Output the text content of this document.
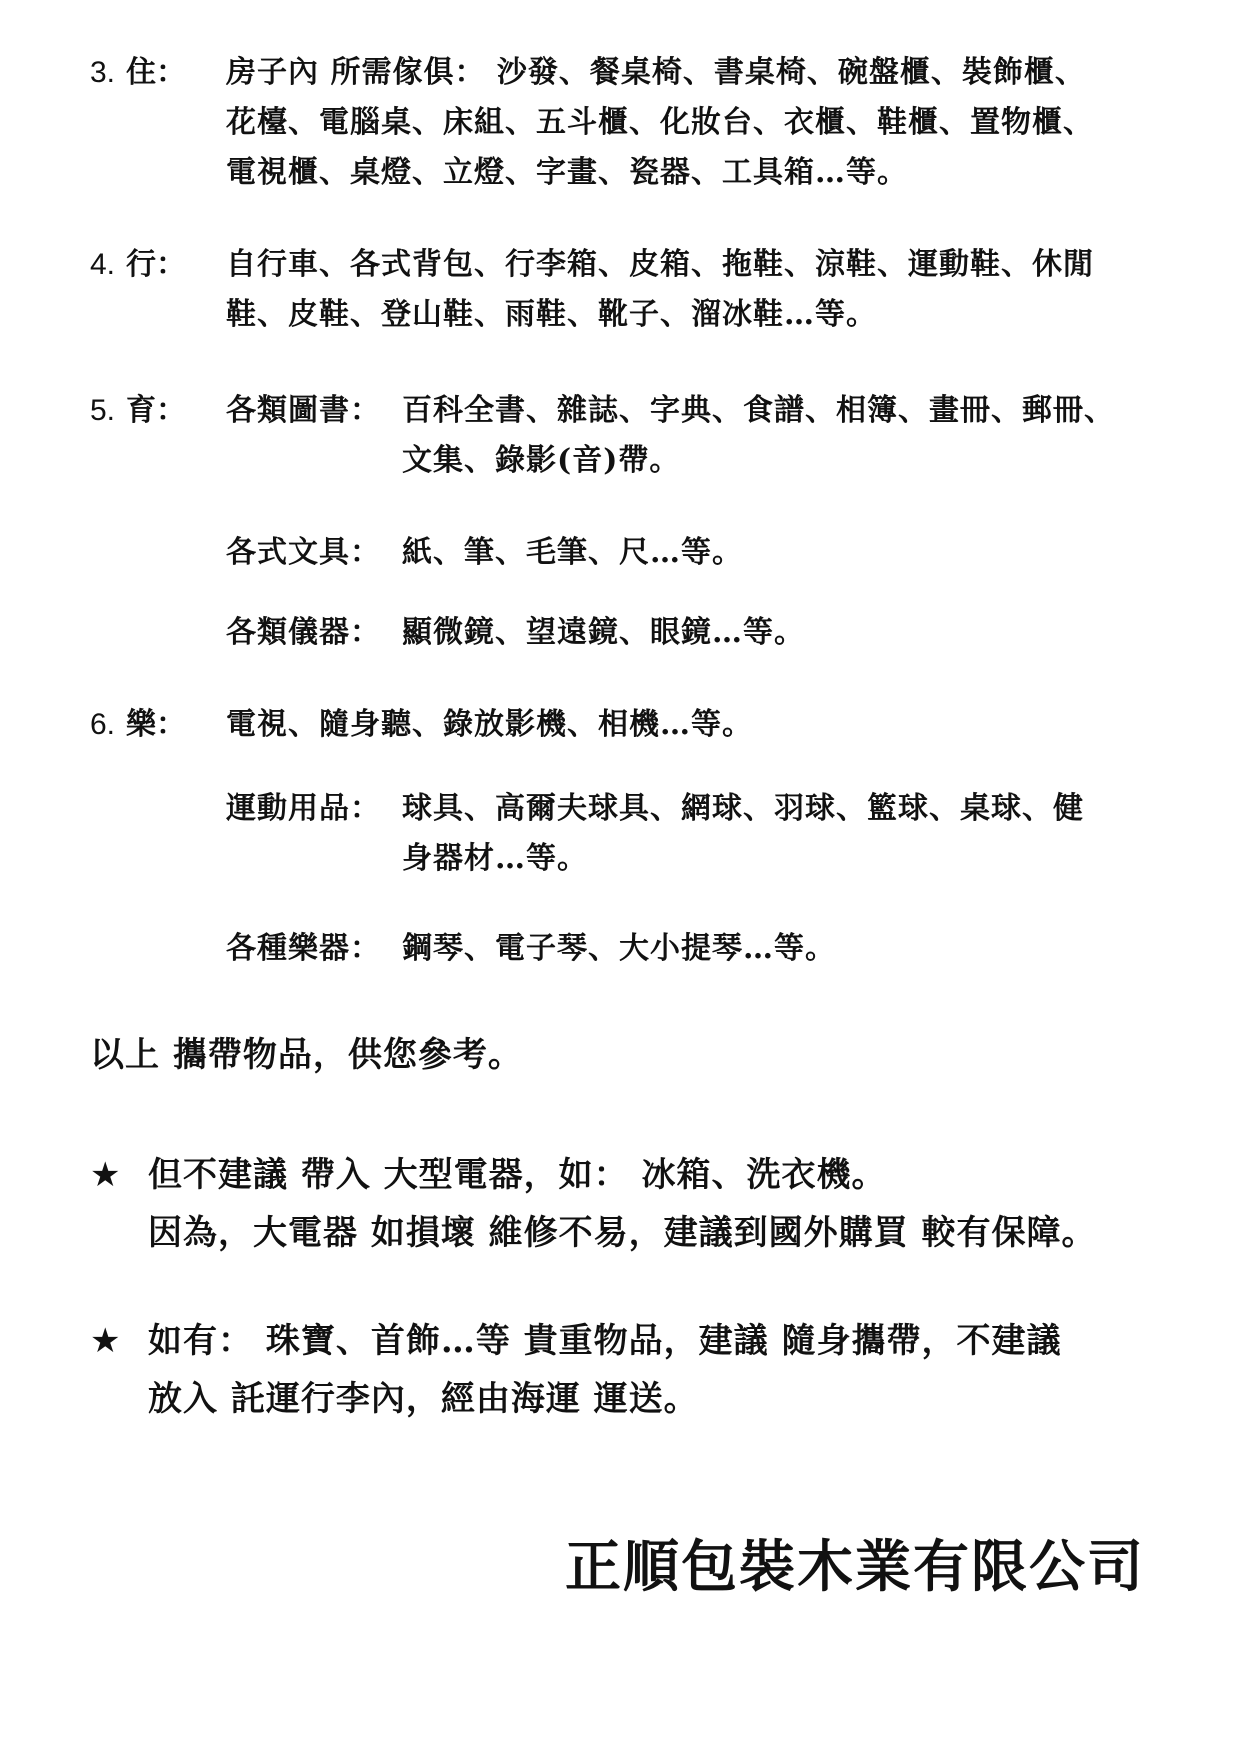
3. 住：	房子內 所需傢俱： 沙發、餐桌椅、書桌椅、碗盤櫃、裝飾櫃、
花檯、電腦桌、床組、五斗櫃、化妝台、衣櫃、鞋櫃、置物櫃、
電視櫃、桌燈、立燈、字畫、瓷器、工具箱…等。
4. 行：	自行車、各式背包、行李箱、皮箱、拖鞋、涼鞋、運動鞋、休閒
鞋、皮鞋、登山鞋、雨鞋、靴子、溜冰鞋…等。
5. 育：	各類圖書： 百科全書、雜誌、字典、食譜、相簿、畫冊、郵冊、
文集、錄影(音)帶。
各式文具： 紙、筆、毛筆、尺…等。
各類儀器： 顯微鏡、望遠鏡、眼鏡…等。
6. 樂：	電視、隨身聽、錄放影機、相機…等。
運動用品： 球具、高爾夫球具、網球、羽球、籃球、桌球、健
身器材…等。
各種樂器： 鋼琴、電子琴、大小提琴…等。
以上 攜帶物品，供您參考。
★ 但不建議 帶入 大型電器，如： 冰箱、洗衣機。
因為，大電器 如損壞 維修不易，建議到國外購買 較有保障。
★ 如有： 珠寶、首飾…等 貴重物品，建議 隨身攜帶，不建議
放入 託運行李內，經由海運 運送。
正順包裝木業有限公司
